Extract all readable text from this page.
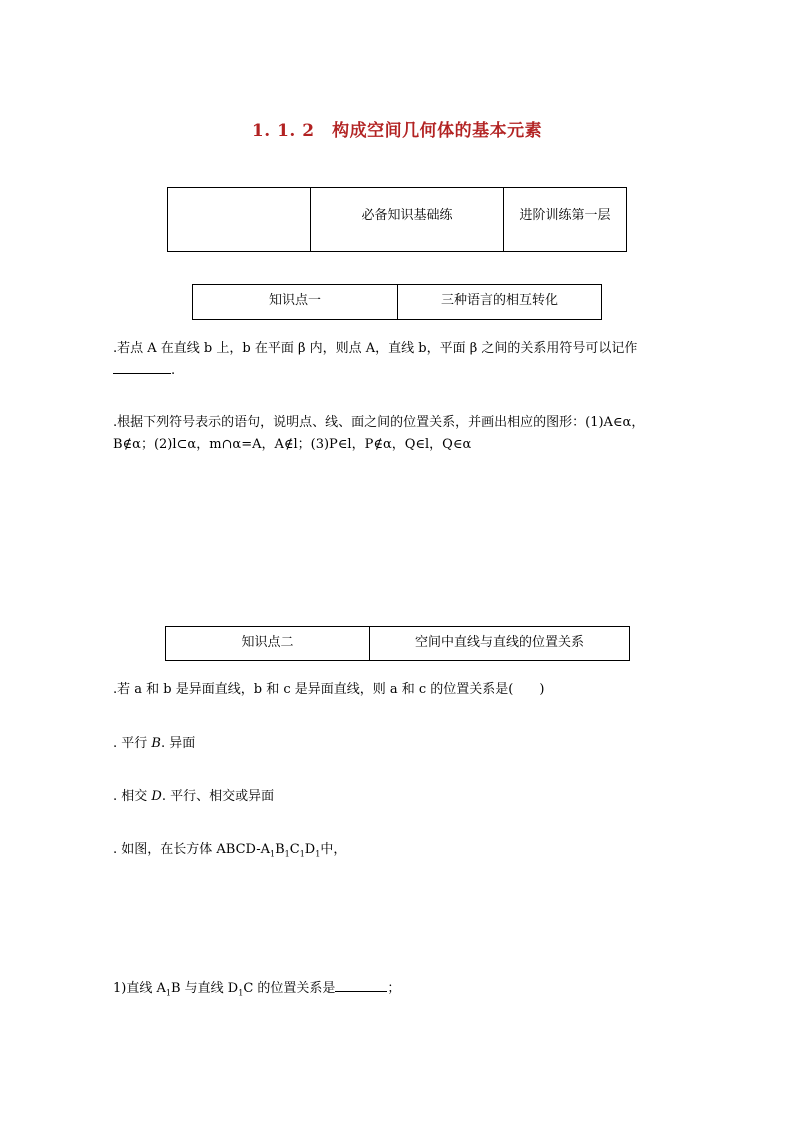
1. 1. 2　构成空间几何体的基本元素
	必备知识基础练	进阶训练第一层
知识点一	三种语言的相互转化
.若点 A 在直线 b 上，b 在平面 β 内，则点 A，直线 b，平面 β 之间的关系用符号可以记作
.
.根据下列符号表示的语句，说明点、线、面之间的位置关系，并画出相应的图形：(1)A∈α，
B∉α；(2)l⊂α，m∩α=A，A∉l；(3)P∈l，P∉α，Q∈l，Q∈α
知识点二	空间中直线与直线的位置关系
.若 a 和 b 是异面直线，b 和 c 是异面直线，则 a 和 c 的位置关系是(　　)
. 平行 B. 异面
. 相交 D. 平行、相交或异面
. 如图，在长方体 ABCD-$A_1B_1C_1D_1$中，
1)直线 $A_1B$ 与直线 $D_1C$ 的位置关系是	；
